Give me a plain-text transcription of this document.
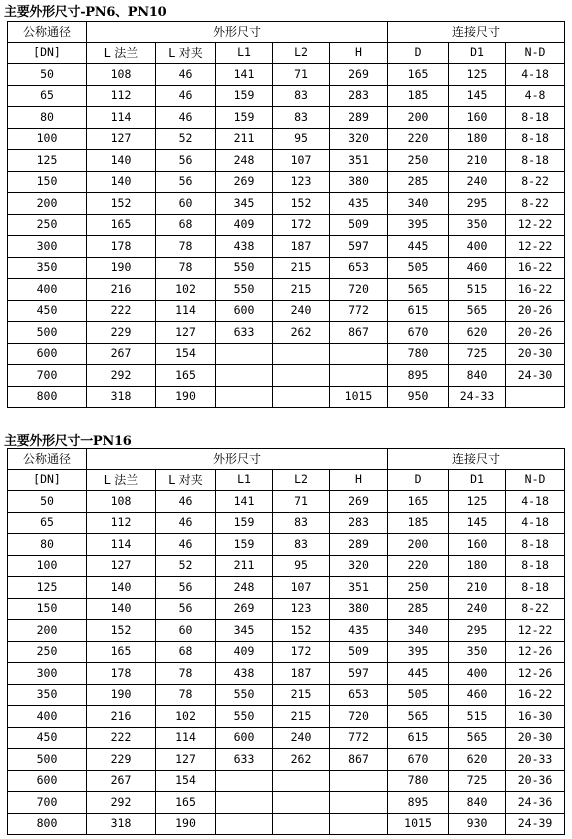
主要外形尺寸-PN6、PN10
公称通径	外形尺寸					连接尺寸		
[DN]	L 法兰	L 对夹	L1	L2	H	D	D1	N-D
50	108	46	141	71	269	165	125	4-18
65	112	46	159	83	283	185	145	4-8
80	114	46	159	83	289	200	160	8-18
100	127	52	211	95	320	220	180	8-18
125	140	56	248	107	351	250	210	8-18
150	140	56	269	123	380	285	240	8-22
200	152	60	345	152	435	340	295	8-22
250	165	68	409	172	509	395	350	12-22
300	178	78	438	187	597	445	400	12-22
350	190	78	550	215	653	505	460	16-22
400	216	102	550	215	720	565	515	16-22
450	222	114	600	240	772	615	565	20-26
500	229	127	633	262	867	670	620	20-26
600	267	154				780	725	20-30
700	292	165				895	840	24-30
800	318	190			1015	950	24-33	
主要外形尺寸一PN16
公称通径	外形尺寸					连接尺寸		
[DN]	L 法兰	L 对夹	L1	L2	H	D	D1	N-D
50	108	46	141	71	269	165	125	4-18
65	112	46	159	83	283	185	145	4-18
80	114	46	159	83	289	200	160	8-18
100	127	52	211	95	320	220	180	8-18
125	140	56	248	107	351	250	210	8-18
150	140	56	269	123	380	285	240	8-22
200	152	60	345	152	435	340	295	12-22
250	165	68	409	172	509	395	350	12-26
300	178	78	438	187	597	445	400	12-26
350	190	78	550	215	653	505	460	16-22
400	216	102	550	215	720	565	515	16-30
450	222	114	600	240	772	615	565	20-30
500	229	127	633	262	867	670	620	20-33
600	267	154				780	725	20-36
700	292	165				895	840	24-36
800	318	190				1015	930	24-39
